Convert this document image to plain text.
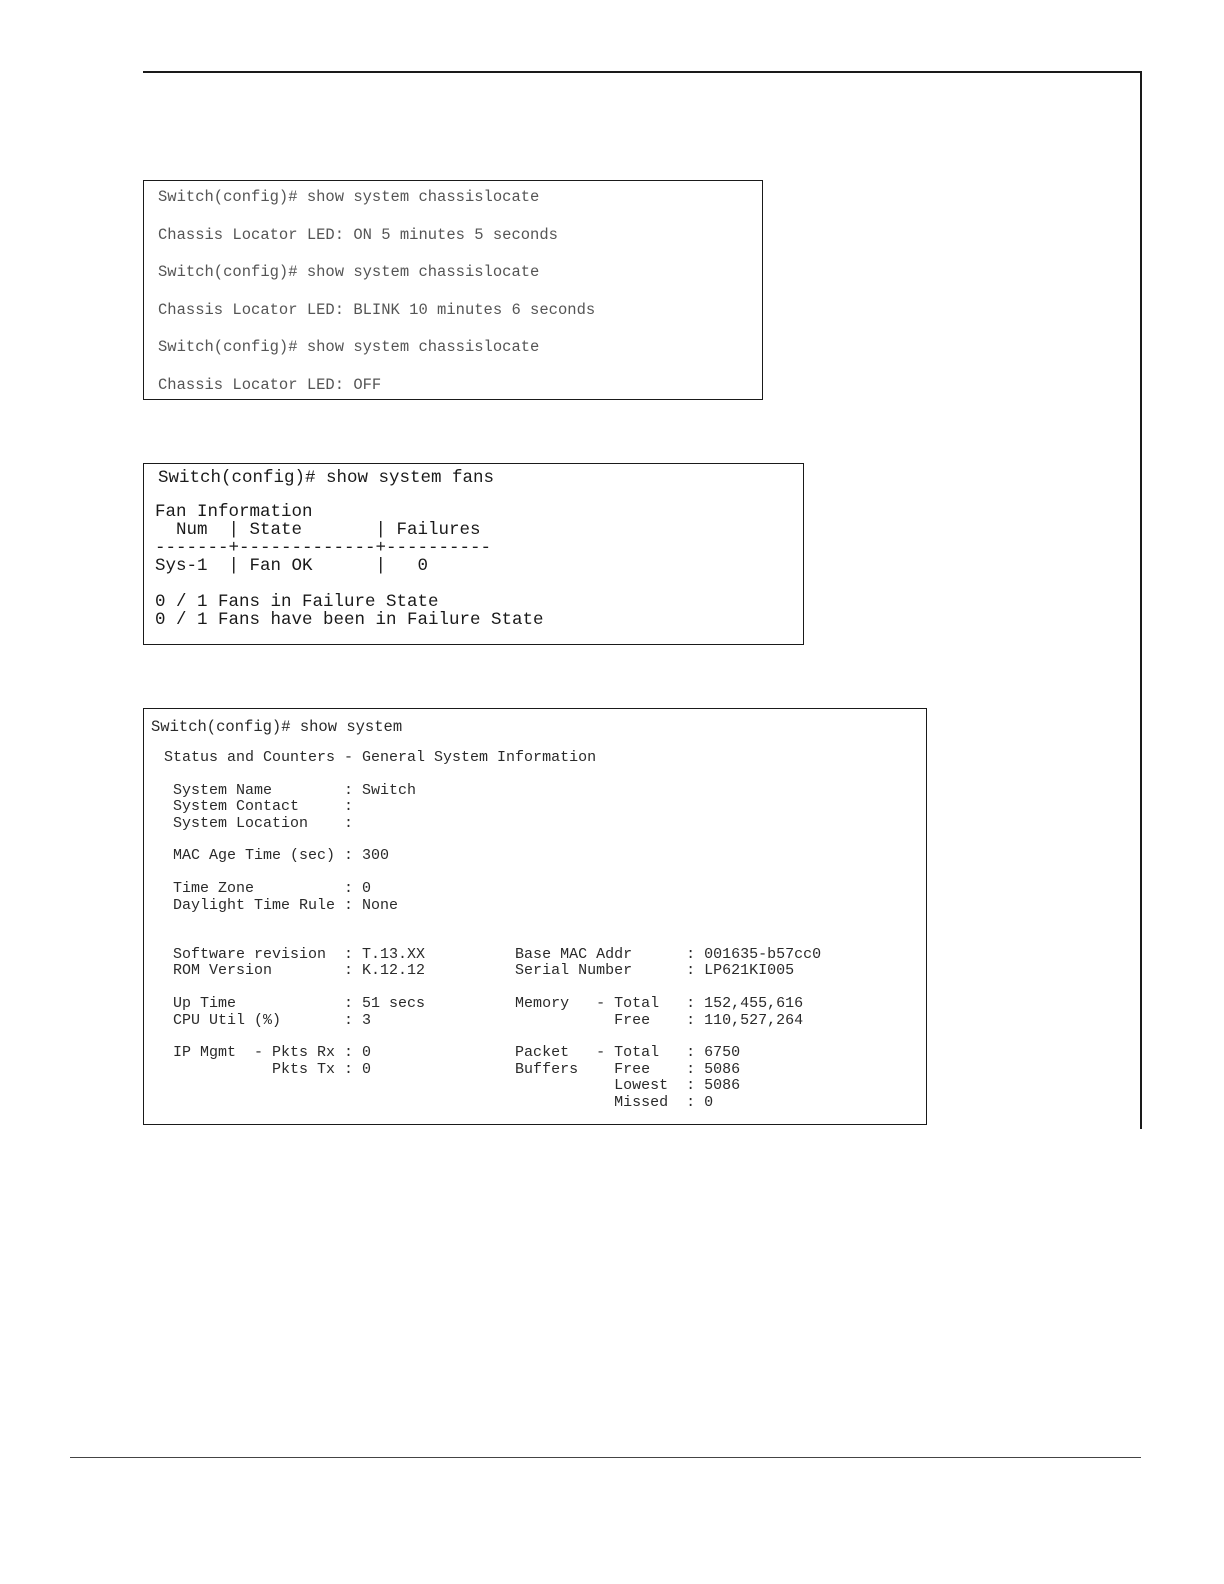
Switch(config)# show system chassislocate
Chassis Locator LED: ON 5 minutes 5 seconds
Switch(config)# show system chassislocate
Chassis Locator LED: BLINK 10 minutes 6 seconds
Switch(config)# show system chassislocate
Chassis Locator LED: OFF
Switch(config)# show system fans
Fan Information
Num  | State       | Failures
-------+-------------+----------
Sys-1  | Fan OK      |   0

0 / 1 Fans in Failure State
0 / 1 Fans have been in Failure State
Switch(config)# show system
Status and Counters - General System Information

System Name        : Switch
System Contact     :
System Location    :

MAC Age Time (sec) : 300

Time Zone          : 0
Daylight Time Rule : None

Software revision  : T.13.XX          Base MAC Addr      : 001635-b57cc0
ROM Version        : K.12.12          Serial Number      : LP621KI005

Up Time            : 51 secs          Memory   - Total   : 152,455,616
CPU Util (%)       : 3                           Free    : 110,527,264

IP Mgmt  - Pkts Rx : 0                Packet   - Total   : 6750
Pkts Tx : 0                Buffers    Free    : 5086
Lowest  : 5086
Missed  : 0
